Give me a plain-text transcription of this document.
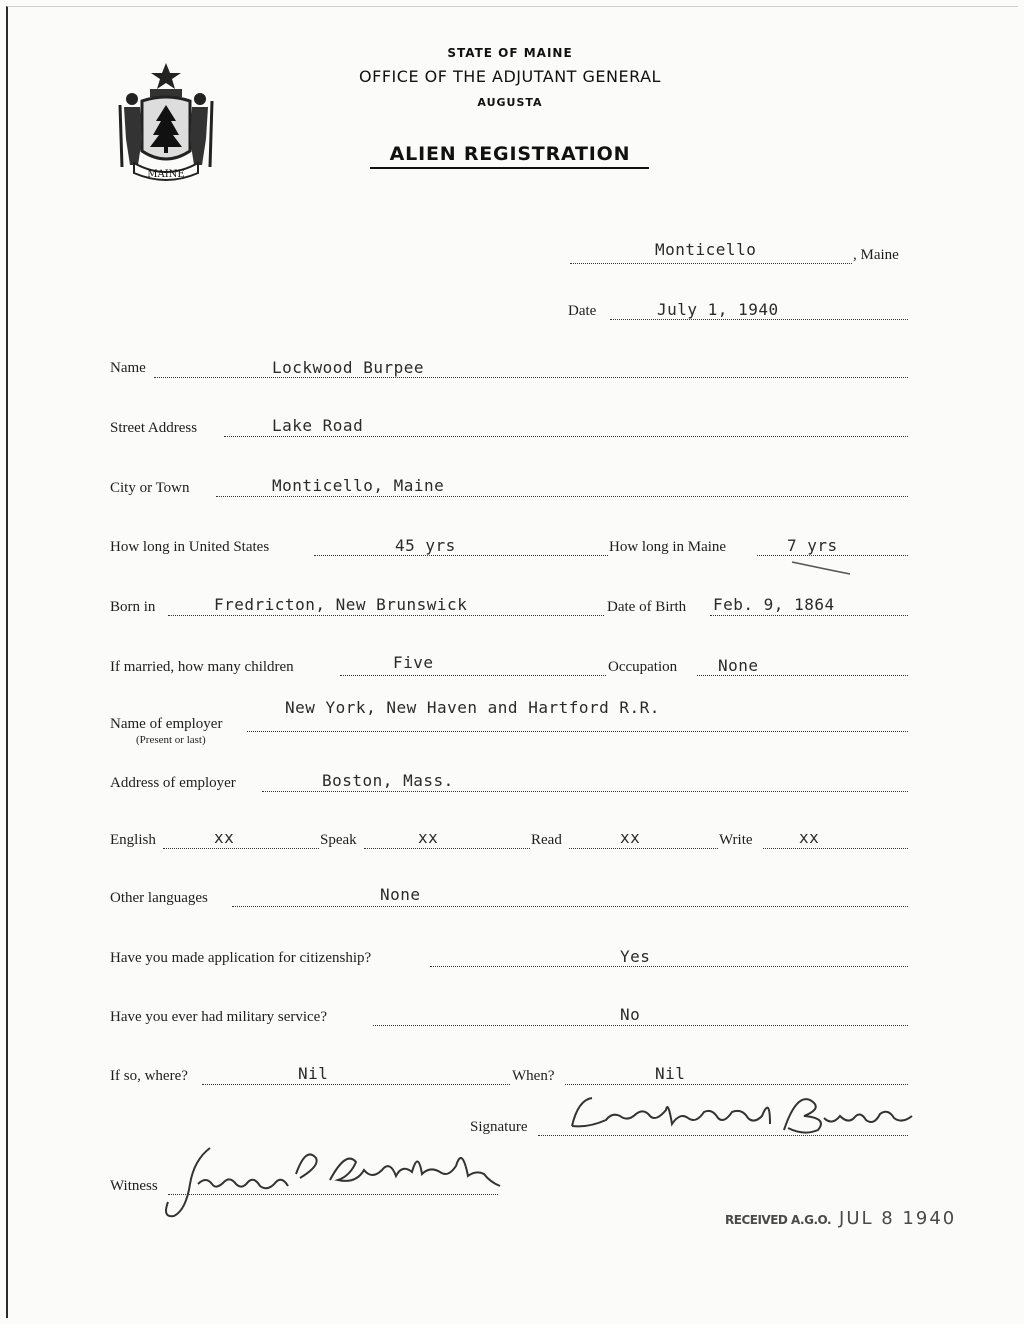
MAINE
STATE OF MAINE
OFFICE OF THE ADJUTANT GENERAL
AUGUSTA
ALIEN REGISTRATION
Monticello	, Maine
Date	July 1, 1940
Name	Lockwood Burpee
Street Address	Lake Road
City or Town	Monticello, Maine
How long in United States	45 yrs	How long in Maine	7 yrs
Born in	Fredricton, New Brunswick	Date of Birth Feb. 9, 1864
If married, how many children	Five	Occupation	None
Name of employer
(Present or last)
New York, New Haven and Hartford R.R.
Address of employer	Boston, Mass.
English	xx	Speak	xx	Read	xx	Write	xx
Other languages	None
Have you made application for citizenship?	Yes
Have you ever had military service?	No
If so, where?	Nil	When?	Nil
Signature
Witness
RECEIVED A.G.O. JUL 8 1940
